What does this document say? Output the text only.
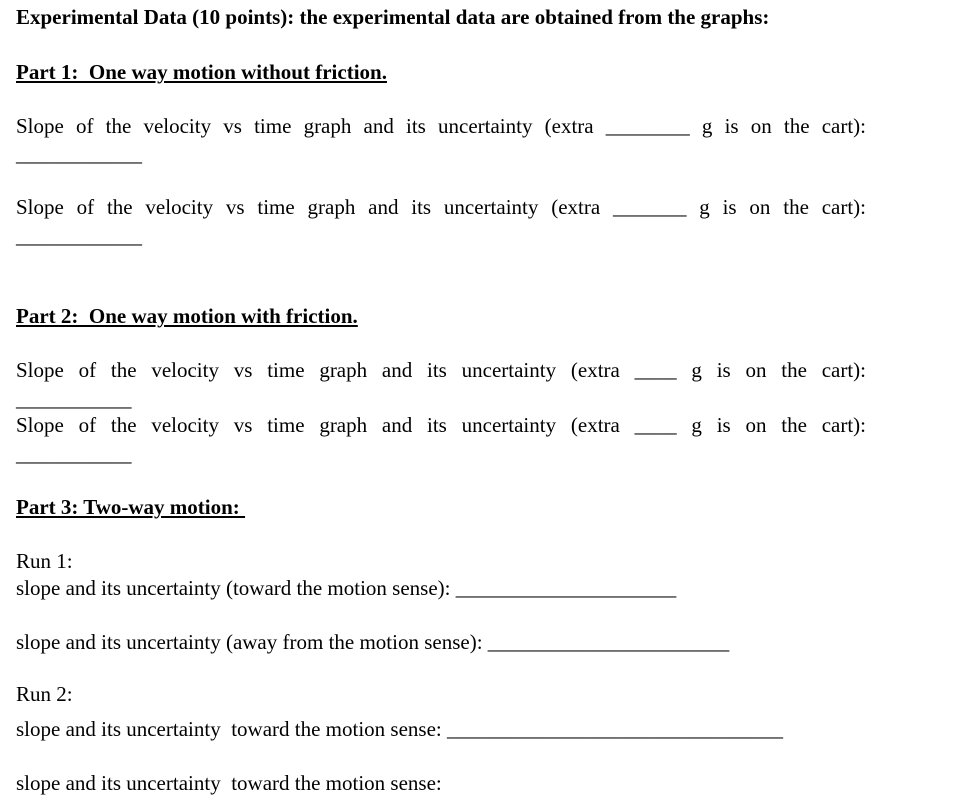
Experimental Data (10 points): the experimental data are obtained from the graphs:
Part 1:  One way motion without friction.

Slope of the velocity vs time graph and its uncertainty (extra ________ g is on the cart):

____________

Slope of the velocity vs time graph and its uncertainty (extra _______ g is on the cart):

____________

Part 2:  One way motion with friction.

Slope of the velocity vs time graph and its uncertainty (extra ____ g is on the cart):

___________

Slope of the velocity vs time graph and its uncertainty (extra ____ g is on the cart):

___________

Part 3: Two-way motion:

Run 1:

slope and its uncertainty (toward the motion sense): _____________________

slope and its uncertainty (away from the motion sense): _______________________

Run 2:

slope and its uncertainty  toward the motion sense: ________________________________

slope and its uncertainty  toward the motion sense:
